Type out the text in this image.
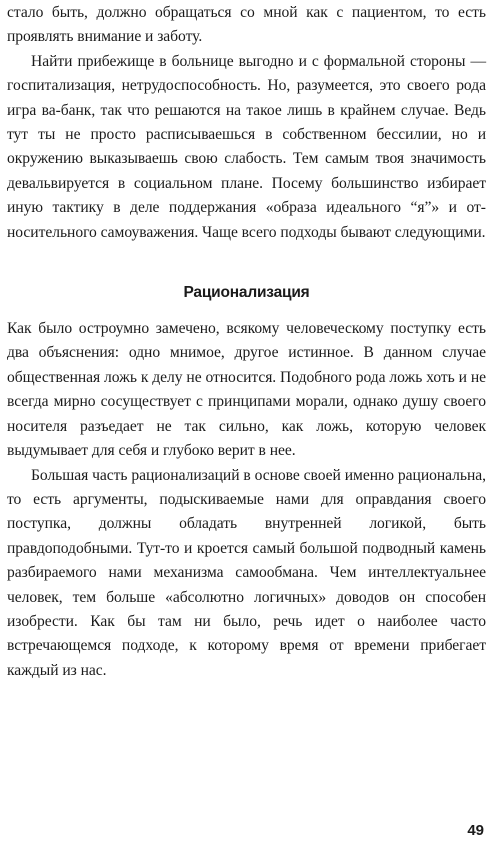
стало быть, должно обращаться со мной как с пациентом, то есть проявлять внимание и заботу.

Найти прибежище в больнице выгодно и с формальной стороны — госпитализация, нетрудоспособность. Но, разумеется, это своего рода игра ва-банк, так что решаются на такое лишь в крайнем случае. Ведь тут ты не просто расписываешься в собственном бессилии, но и окружению выказываешь свою слабость. Тем самым твоя значимость девальвируется в социальном плане. Посему большинство избирает иную тактику в деле поддержания «образа идеального “я”» и относительного самоуважения. Чаще всего подходы бывают следующими.

Рационализация

Как было остроумно замечено, всякому человеческому поступку есть два объяснения: одно мнимое, другое истинное. В данном случае общественная ложь к делу не относится. Подобного рода ложь хоть и не всегда мирно сосуществует с принципами морали, однако душу своего носителя разъедает не так сильно, как ложь, которую человек выдумывает для себя и глубоко верит в нее.

Большая часть рационализаций в основе своей именно рациональна, то есть аргументы, подыскиваемые нами для оправдания своего поступка, должны обладать внутренней логикой, быть правдоподобными. Тут-то и кроется самый большой подводный камень разбираемого нами механизма самообмана. Чем интеллектуальнее человек, тем больше «абсолютно логичных» доводов он способен изобрести. Как бы там ни было, речь идет о наиболее часто встречающемся подходе, к которому время от времени прибегает каждый из нас.

49
